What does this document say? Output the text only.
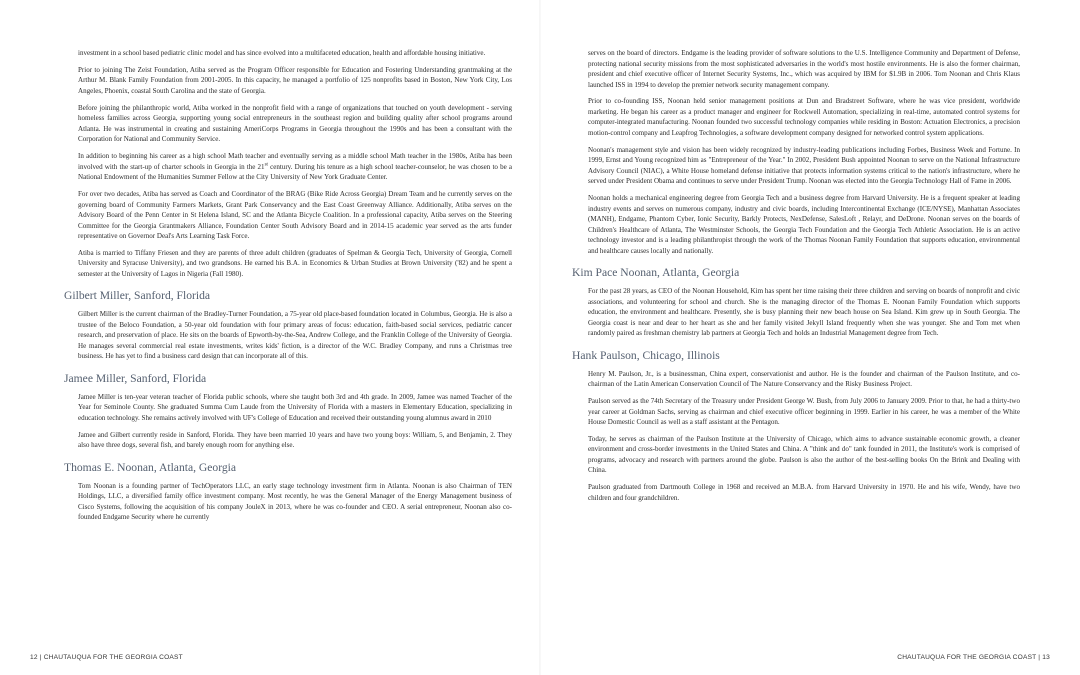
investment in a school based pediatric clinic model and has since evolved into a multifaceted education, health and affordable housing initiative.

Prior to joining The Zeist Foundation, Atiba served as the Program Officer responsible for Education and Fostering Understanding grantmaking at the Arthur M. Blank Family Foundation from 2001-2005. In this capacity, he managed a portfolio of 125 nonprofits based in Boston, New York City, Los Angeles, Phoenix, coastal South Carolina and the state of Georgia.

Before joining the philanthropic world, Atiba worked in the nonprofit field with a range of organizations that touched on youth development - serving homeless families across Georgia, supporting young social entrepreneurs in the southeast region and building quality after school programs around Atlanta. He was instrumental in creating and sustaining AmeriCorps Programs in Georgia throughout the 1990s and has been a consultant with the Corporation for National and Community Service.

In addition to beginning his career as a high school Math teacher and eventually serving as a middle school Math teacher in the 1980s, Atiba has been involved with the start-up of charter schools in Georgia in the 21st century. During his tenure as a high school teacher-counselor, he was chosen to be a National Endowment of the Humanities Summer Fellow at the City University of New York Graduate Center.

For over two decades, Atiba has served as Coach and Coordinator of the BRAG (Bike Ride Across Georgia) Dream Team and he currently serves on the governing board of Community Farmers Markets, Grant Park Conservancy and the East Coast Greenway Alliance. Additionally, Atiba serves on the Advisory Board of the Penn Center in St Helena Island, SC and the Atlanta Bicycle Coalition. In a professional capacity, Atiba serves on the Steering Committee for the Georgia Grantmakers Alliance, Foundation Center South Advisory Board and in 2014-15 academic year served as the arts funder representative on Governor Deal's Arts Learning Task Force.

Atiba is married to Tiffany Friesen and they are parents of three adult children (graduates of Spelman & Georgia Tech, University of Georgia, Cornell University and Syracuse University), and two grandsons. He earned his B.A. in Economics & Urban Studies at Brown University ('82) and he spent a semester at the University of Lagos in Nigeria (Fall 1980).

Gilbert Miller, Sanford, Florida

Gilbert Miller is the current chairman of the Bradley-Turner Foundation, a 75-year old place-based foundation located in Columbus, Georgia. He is also a trustee of the Beloco Foundation, a 50-year old foundation with four primary areas of focus: education, faith-based social services, pediatric cancer research, and preservation of place. He sits on the boards of Epworth-by-the-Sea, Andrew College, and the Franklin College of the University of Georgia. He manages several commercial real estate investments, writes kids' fiction, is a director of the W.C. Bradley Company, and runs a Christmas tree business. He has yet to find a business card design that can incorporate all of this.

Jamee Miller, Sanford, Florida

Jamee Miller is ten-year veteran teacher of Florida public schools, where she taught both 3rd and 4th grade. In 2009, Jamee was named Teacher of the Year for Seminole County. She graduated Summa Cum Laude from the University of Florida with a masters in Elementary Education, specializing in education technology. She remains actively involved with UF's College of Education and received their outstanding young alumnus award in 2010

Jamee and Gilbert currently reside in Sanford, Florida. They have been married 10 years and have two young boys: William, 5, and Benjamin, 2. They also have three dogs, several fish, and barely enough room for anything else.

Thomas E. Noonan, Atlanta, Georgia

Tom Noonan is a founding partner of TechOperators LLC, an early stage technology investment firm in Atlanta. Noonan is also Chairman of TEN Holdings, LLC, a diversified family office investment company. Most recently, he was the General Manager of the Energy Management business of Cisco Systems, following the acquisition of his company JouleX in 2013, where he was co-founder and CEO. A serial entrepreneur, Noonan also co-founded Endgame Security where he currently

serves on the board of directors. Endgame is the leading provider of software solutions to the U.S. Intelligence Community and Department of Defense, protecting national security missions from the most sophisticated adversaries in the world's most hostile environments. He is also the former chairman, president and chief executive officer of Internet Security Systems, Inc., which was acquired by IBM for $1.9B in 2006. Tom Noonan and Chris Klaus launched ISS in 1994 to develop the premier network security management company.

Prior to co-founding ISS, Noonan held senior management positions at Dun and Bradstreet Software, where he was vice president, worldwide marketing. He began his career as a product manager and engineer for Rockwell Automation, specializing in real-time, automated control systems for computer-integrated manufacturing. Noonan founded two successful technology companies while residing in Boston: Actuation Electronics, a precision motion-control company and Leapfrog Technologies, a software development company designed for networked control system applications.

Noonan's management style and vision has been widely recognized by industry-leading publications including Forbes, Business Week and Fortune. In 1999, Ernst and Young recognized him as "Entrepreneur of the Year." In 2002, President Bush appointed Noonan to serve on the National Infrastructure Advisory Council (NIAC), a White House homeland defense initiative that protects information systems critical to the nation's infrastructure, where he served under President Obama and continues to serve under President Trump. Noonan was elected into the Georgia Technology Hall of Fame in 2006.

Noonan holds a mechanical engineering degree from Georgia Tech and a business degree from Harvard University. He is a frequent speaker at leading industry events and serves on numerous company, industry and civic boards, including Intercontinental Exchange (ICE/NYSE), Manhattan Associates (MANH), Endgame, Phantom Cyber, Ionic Security, Barkly Protects, NexDefense, SalesLoft , Relayr, and DeDrone. Noonan serves on the boards of Children's Healthcare of Atlanta, The Westminster Schools, the Georgia Tech Foundation and the Georgia Tech Athletic Association. He is an active technology investor and is a leading philanthropist through the work of the Thomas Noonan Family Foundation that supports education, environmental and healthcare causes locally and nationally.

Kim Pace Noonan, Atlanta, Georgia

For the past 28 years, as CEO of the Noonan Household, Kim has spent her time raising their three children and serving on boards of nonprofit and civic associations, and volunteering for school and church. She is the managing director of the Thomas E. Noonan Family Foundation which supports education, the environment and healthcare. Presently, she is busy planning their new beach house on Sea Island. Kim grew up in South Georgia. The Georgia coast is near and dear to her heart as she and her family visited Jekyll Island frequently when she was younger. She and Tom met when randomly paired as freshman chemistry lab partners at Georgia Tech and holds an Industrial Management degree from Tech.

Hank Paulson, Chicago, Illinois

Henry M. Paulson, Jr., is a businessman, China expert, conservationist and author. He is the founder and chairman of the Paulson Institute, and co-chairman of the Latin American Conservation Council of The Nature Conservancy and the Risky Business Project.

Paulson served as the 74th Secretary of the Treasury under President George W. Bush, from July 2006 to January 2009. Prior to that, he had a thirty-two year career at Goldman Sachs, serving as chairman and chief executive officer beginning in 1999. Earlier in his career, he was a member of the White House Domestic Council as well as a staff assistant at the Pentagon.

Today, he serves as chairman of the Paulson Institute at the University of Chicago, which aims to advance sustainable economic growth, a cleaner environment and cross-border investments in the United States and China. A "think and do" tank founded in 2011, the Institute's work is comprised of programs, advocacy and research with partners around the globe. Paulson is also the author of the best-selling books On the Brink and Dealing with China.

Paulson graduated from Dartmouth College in 1968 and received an M.B.A. from Harvard University in 1970. He and his wife, Wendy, have two children and four grandchildren.

12 | CHAUTAUQUA FOR THE GEORGIA COAST	CHAUTAUQUA FOR THE GEORGIA COAST | 13
